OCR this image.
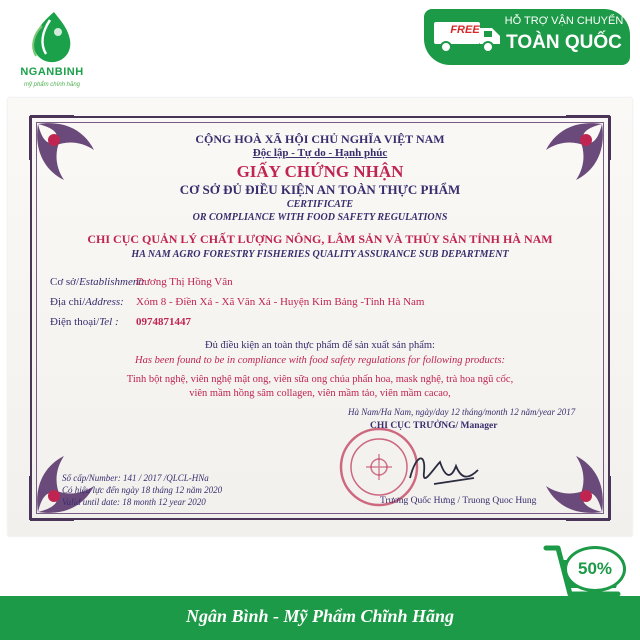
NGANBINH
mỹ phẩm chính hãng
FREE
HỖ TRỢ VẬN CHUYỂN
TOÀN QUỐC
CỘNG HOÀ XÃ HỘI CHỦ NGHĨA VIỆT NAM
Độc lập - Tự do - Hạnh phúc
GIẤY CHỨNG NHẬN
CƠ SỞ ĐỦ ĐIỀU KIỆN AN TOÀN THỰC PHẨM
CERTIFICATE
OR COMPLIANCE WITH FOOD SAFETY REGULATIONS
CHI CỤC QUẢN LÝ CHẤT LƯỢNG NÔNG, LÂM SẢN VÀ THỦY SẢN TỈNH HÀ NAM
HA NAM AGRO FORESTRY FISHERIES QUALITY ASSURANCE SUB DEPARTMENT
Cơ sở/Establishment:
Dương Thị Hồng Vân
Địa chỉ/Address: Xóm 8 - Điền Xá - Xã Văn Xá - Huyện Kim Bảng -Tỉnh Hà Nam
Điện thoại/Tel : 0974871447
Đủ điều kiện an toàn thực phẩm để sản xuất sản phẩm:
Has been found to be in compliance with food safety regulations for following products:
Tinh bột nghệ, viên nghệ mật ong, viên sữa ong chúa phấn hoa, mask nghệ, trà hoa ngũ cốc,
viên mầm hồng sâm collagen, viên mầm tảo, viên mầm cacao,
Hà Nam/Ha Nam, ngày/day 12 tháng/month 12 năm/year 2017
CHI CỤC TRƯỞNG/ Manager
Trương Quốc Hưng / Truong Quoc Hung
Số cấp/Number: 141 / 2017 /QLCL-HNa
Có hiệu lực đến ngày 18 tháng 12 năm 2020
Valid until date: 18 month 12 year 2020
Ngân Bình - Mỹ Phẩm Chĩnh Hãng
50%
